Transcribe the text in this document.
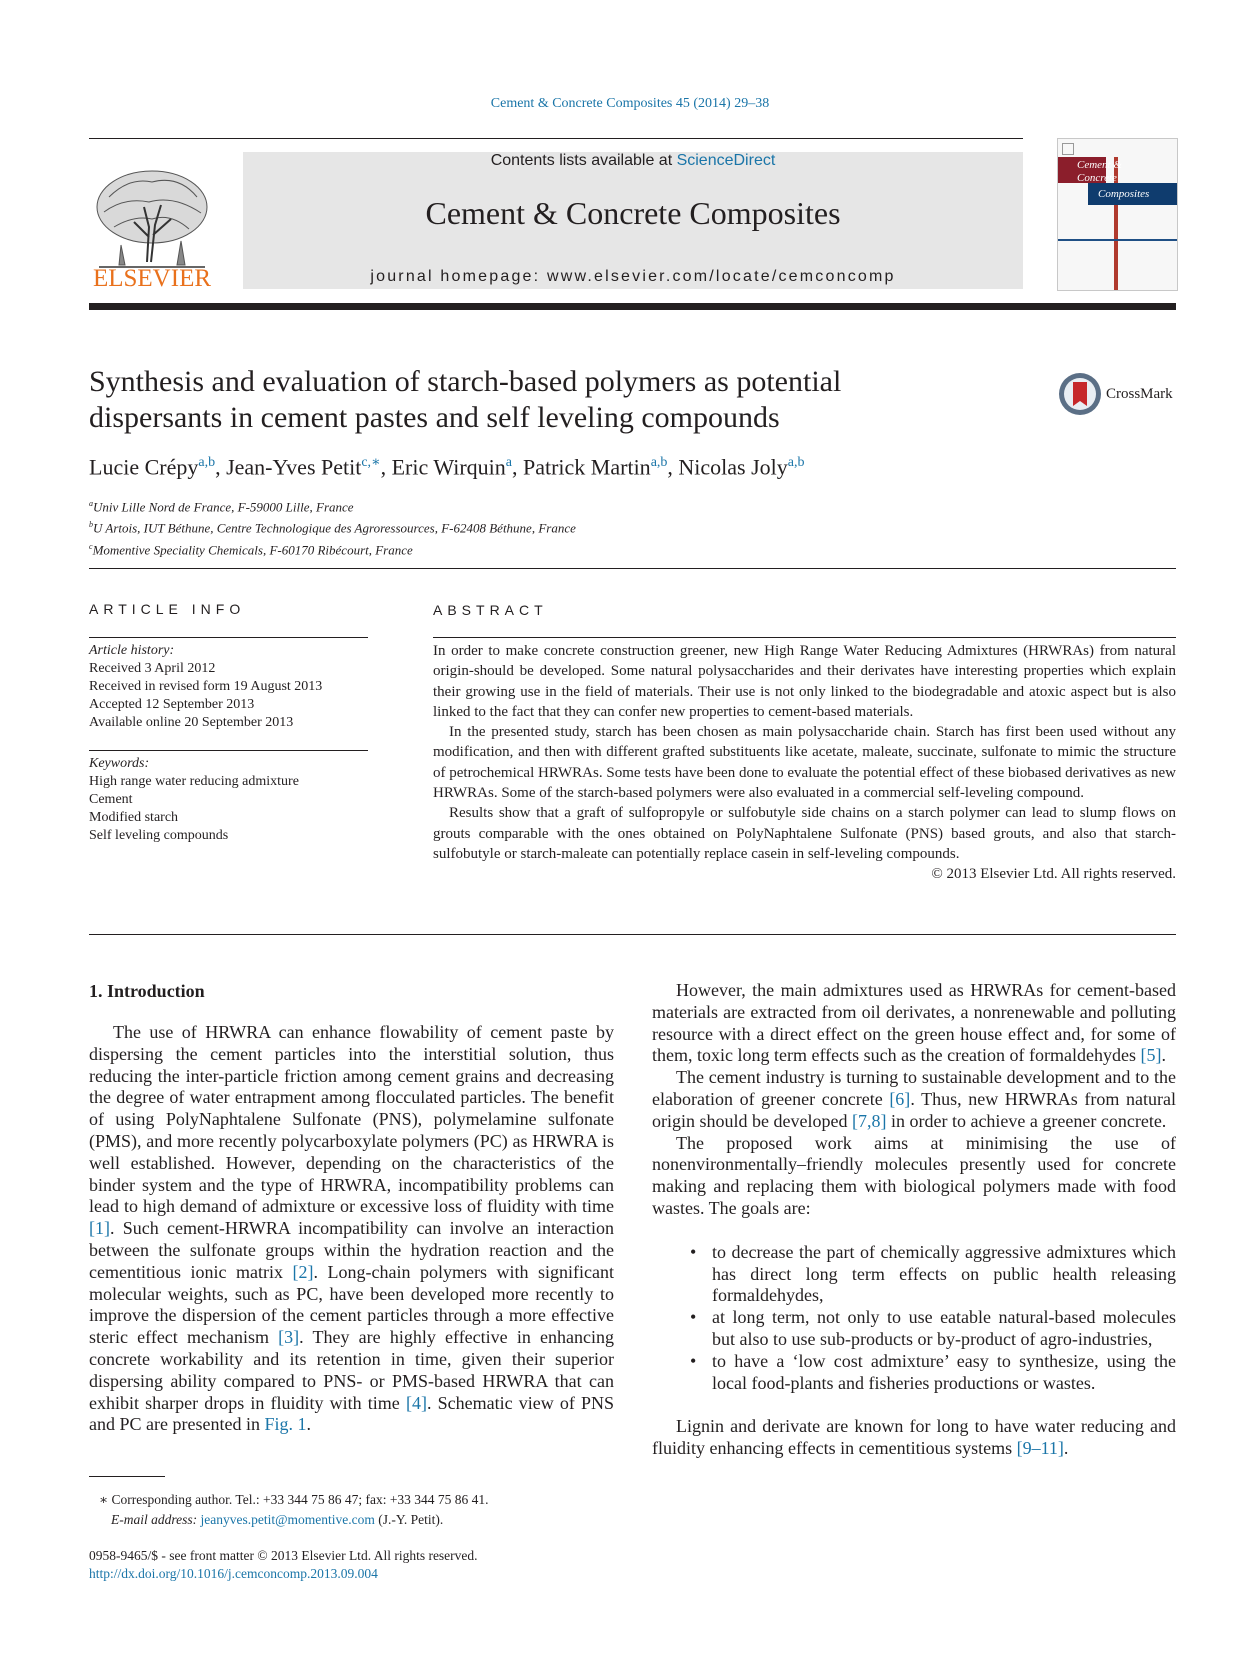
Cement & Concrete Composites 45 (2014) 29–38
ELSEVIER
Contents lists available at ScienceDirect
Cement & Concrete Composites
journal homepage: www.elsevier.com/locate/cemconcomp
Cement &
Concrete
Composites
Synthesis and evaluation of starch-based polymers as potential
dispersants in cement pastes and self leveling compounds
CrossMark
Lucie Crépy$^{a,b}$, Jean-Yves Petit$^{c,∗}$, Eric Wirquin$^a$, Patrick Martin$^{a,b}$, Nicolas Joly$^{a,b}$
$^a$Univ Lille Nord de France, F-59000 Lille, France
$^b$U Artois, IUT Béthune, Centre Technologique des Agroressources, F-62408 Béthune, France
$^c$Momentive Speciality Chemicals, F-60170 Ribécourt, France
ARTICLE INFO	ABSTRACT
Article history:
Received 3 April 2012
Received in revised form 19 August 2013
Accepted 12 September 2013
Available online 20 September 2013
Keywords:
High range water reducing admixture
Cement
Modified starch
Self leveling compounds

In order to make concrete construction greener, new High Range Water Reducing Admixtures (HRWRAs) from natural origin-should be developed. Some natural polysaccharides and their derivates have interesting properties which explain their growing use in the field of materials. Their use is not only linked to the biodegradable and atoxic aspect but is also linked to the fact that they can confer new properties to cement-based materials.

In the presented study, starch has been chosen as main polysaccharide chain. Starch has first been used without any modification, and then with different grafted substituents like acetate, maleate, succinate, sulfonate to mimic the structure of petrochemical HRWRAs. Some tests have been done to evaluate the potential effect of these biobased derivatives as new HRWRAs. Some of the starch-based polymers were also evaluated in a commercial self-leveling compound.

Results show that a graft of sulfopropyle or sulfobutyle side chains on a starch polymer can lead to slump flows on grouts comparable with the ones obtained on PolyNaphtalene Sulfonate (PNS) based grouts, and also that starch-sulfobutyle or starch-maleate can potentially replace casein in self-leveling compounds.

© 2013 Elsevier Ltd. All rights reserved.
1. Introduction

The use of HRWRA can enhance flowability of cement paste by dispersing the cement particles into the interstitial solution, thus reducing the inter-particle friction among cement grains and decreasing the degree of water entrapment among flocculated particles. The benefit of using PolyNaphtalene Sulfonate (PNS), polymelamine sulfonate (PMS), and more recently polycarboxylate polymers (PC) as HRWRA is well established. However, depending on the characteristics of the binder system and the type of HRWRA, incompatibility problems can lead to high demand of admixture or excessive loss of fluidity with time [1]. Such cement-HRWRA incompatibility can involve an interaction between the sulfonate groups within the hydration reaction and the cementitious ionic matrix [2]. Long-chain polymers with significant molecular weights, such as PC, have been developed more recently to improve the dispersion of the cement particles through a more effective steric effect mechanism [3]. They are highly effective in enhancing concrete workability and its retention in time, given their superior dispersing ability compared to PNS- or PMS-based HRWRA that can exhibit sharper drops in fluidity with time [4]. Schematic view of PNS and PC are presented in Fig. 1.

However, the main admixtures used as HRWRAs for cement-based materials are extracted from oil derivates, a nonrenewable and polluting resource with a direct effect on the green house effect and, for some of them, toxic long term effects such as the creation of formaldehydes [5].

The cement industry is turning to sustainable development and to the elaboration of greener concrete [6]. Thus, new HRWRAs from natural origin should be developed [7,8] in order to achieve a greener concrete.

The proposed work aims at minimising the use of nonenvironmentally–friendly molecules presently used for concrete making and replacing them with biological polymers made with food wastes. The goals are:

• to decrease the part of chemically aggressive admixtures which has direct long term effects on public health releasing formaldehydes,
• at long term, not only to use eatable natural-based molecules but also to use sub-products or by-product of agro-industries,
• to have a ‘low cost admixture’ easy to synthesize, using the local food-plants and fisheries productions or wastes.

Lignin and derivate are known for long to have water reducing and fluidity enhancing effects in cementitious systems [9–11].

∗ Corresponding author. Tel.: +33 344 75 86 47; fax: +33 344 75 86 41.
E-mail address: jeanyves.petit@momentive.com (J.-Y. Petit).
0958-9465/$ - see front matter © 2013 Elsevier Ltd. All rights reserved.
http://dx.doi.org/10.1016/j.cemconcomp.2013.09.004
